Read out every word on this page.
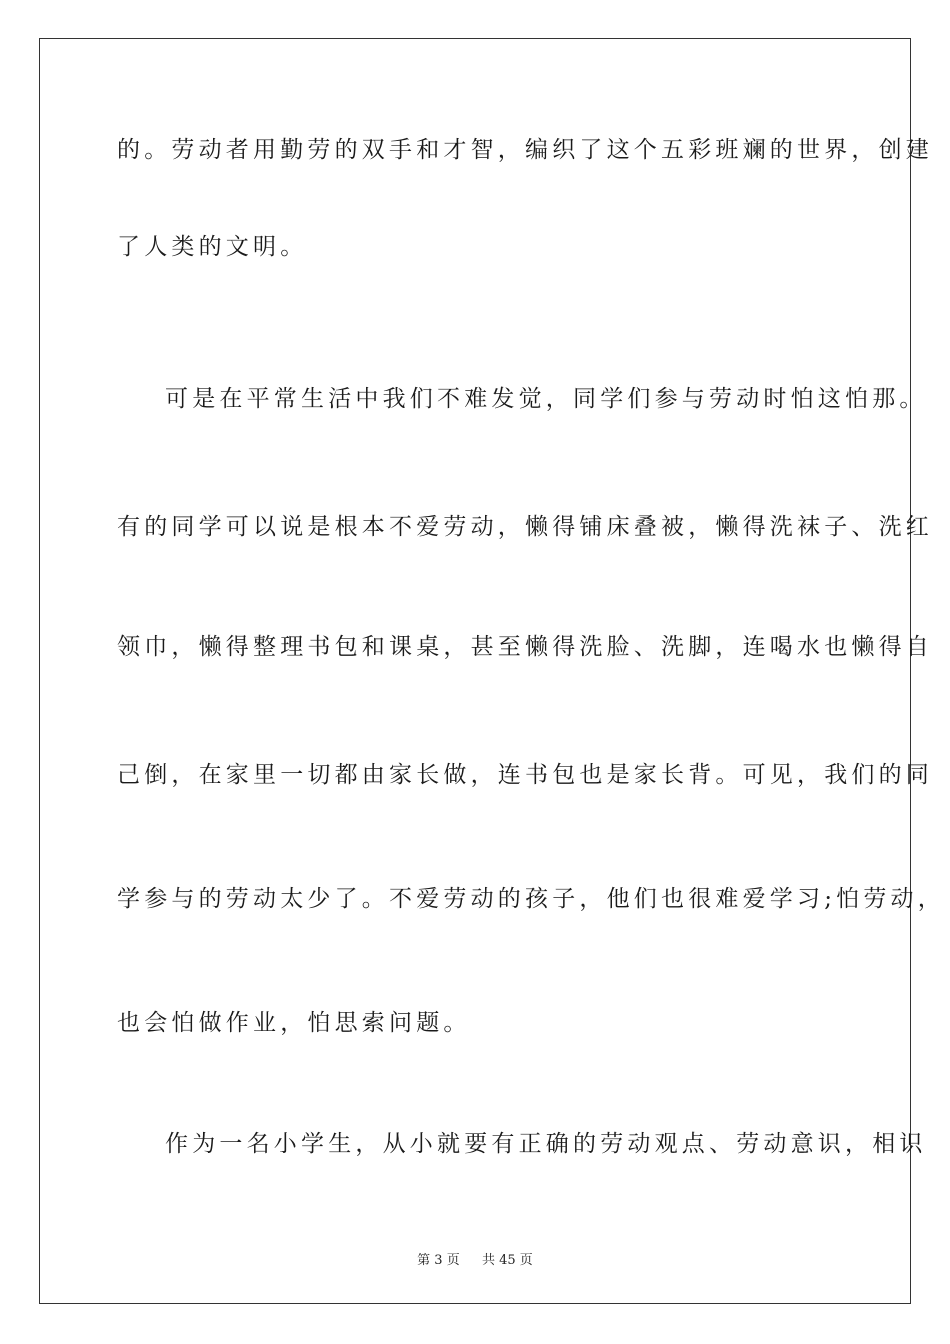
的。劳动者用勤劳的双手和才智，编织了这个五彩班斓的世界，创建
了人类的文明。
可是在平常生活中我们不难发觉，同学们参与劳动时怕这怕那。
有的同学可以说是根本不爱劳动，懒得铺床叠被，懒得洗袜子、洗红
领巾，懒得整理书包和课桌，甚至懒得洗脸、洗脚，连喝水也懒得自
己倒，在家里一切都由家长做，连书包也是家长背。可见，我们的同
学参与的劳动太少了。不爱劳动的孩子，他们也很难爱学习;怕劳动，
也会怕做作业，怕思索问题。
作为一名小学生，从小就要有正确的劳动观点、劳动意识，相识
第 3 页 共 45 页
